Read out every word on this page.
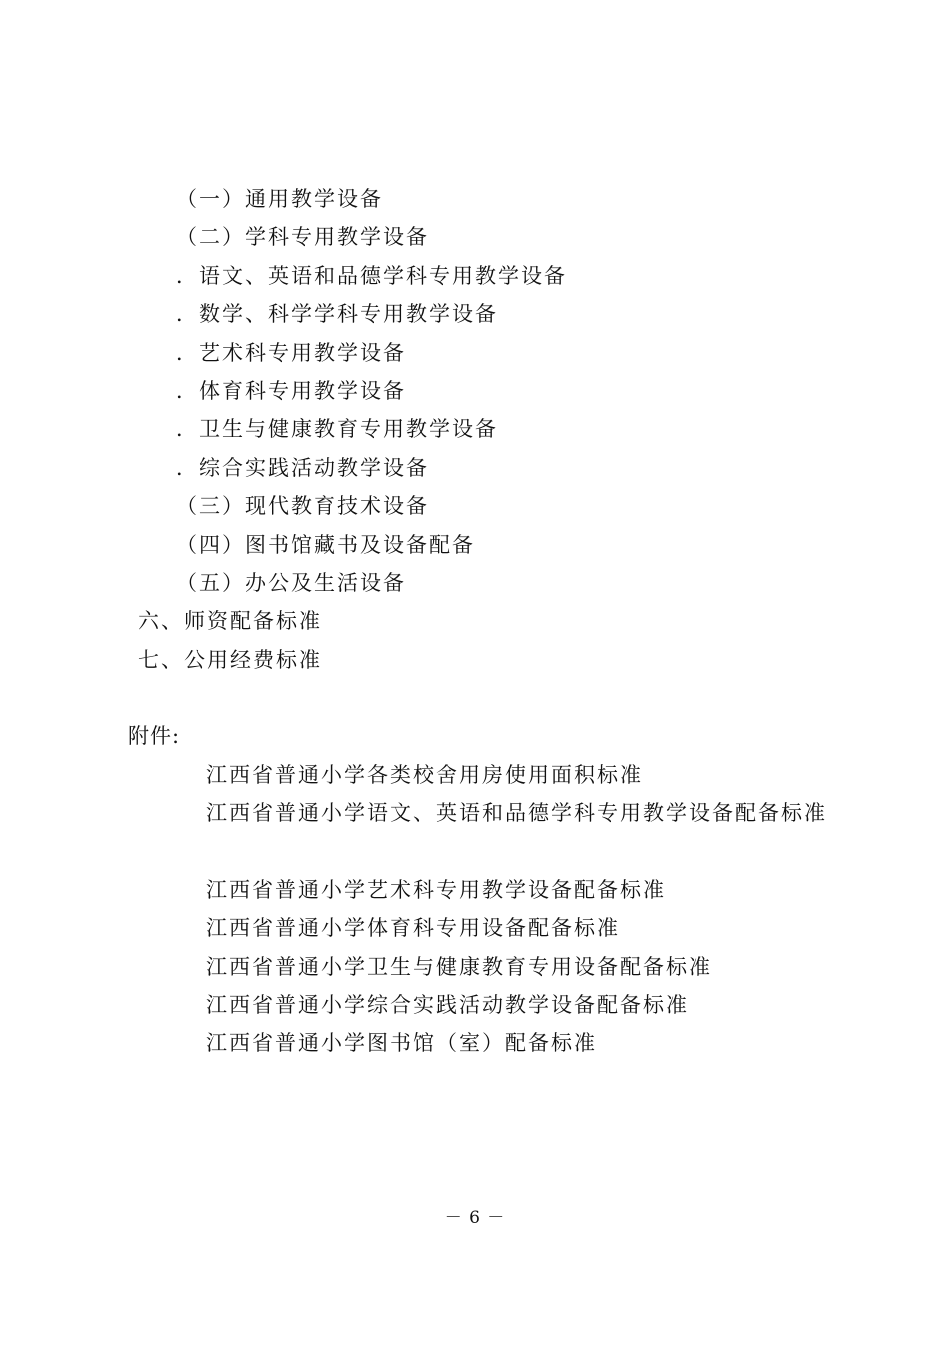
（一）通用教学设备
（二）学科专用教学设备
．语文、英语和品德学科专用教学设备
．数学、科学学科专用教学设备
．艺术科专用教学设备
．体育科专用教学设备
．卫生与健康教育专用教学设备
．综合实践活动教学设备
（三）现代教育技术设备
（四）图书馆藏书及设备配备
（五）办公及生活设备
六、师资配备标准
七、公用经费标准
附件:
江西省普通小学各类校舍用房使用面积标准
江西省普通小学语文、英语和品德学科专用教学设备配备标准
江西省普通小学艺术科专用教学设备配备标准
江西省普通小学体育科专用设备配备标准
江西省普通小学卫生与健康教育专用设备配备标准
江西省普通小学综合实践活动教学设备配备标准
江西省普通小学图书馆（室）配备标准
－ 6 －
